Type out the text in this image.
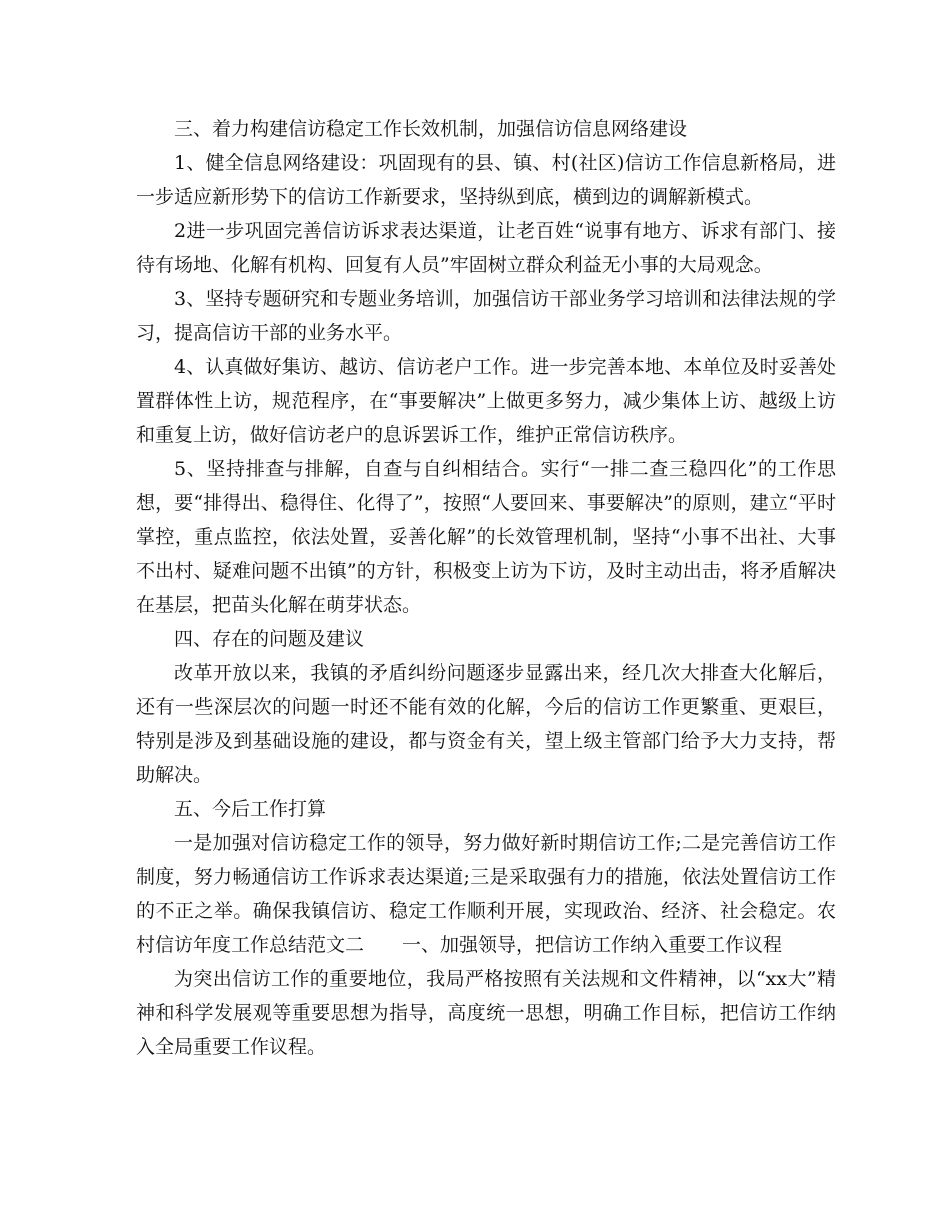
三、着力构建信访稳定工作长效机制，加强信访信息网络建设

1、健全信息网络建设：巩固现有的县、镇、村(社区)信访工作信息新格局，进一步适应新形势下的信访工作新要求，坚持纵到底，横到边的调解新模式。

2进一步巩固完善信访诉求表达渠道，让老百姓“说事有地方、诉求有部门、接待有场地、化解有机构、回复有人员”牢固树立群众利益无小事的大局观念。

3、坚持专题研究和专题业务培训，加强信访干部业务学习培训和法律法规的学习，提高信访干部的业务水平。

4、认真做好集访、越访、信访老户工作。进一步完善本地、本单位及时妥善处置群体性上访，规范程序，在“事要解决”上做更多努力，减少集体上访、越级上访和重复上访，做好信访老户的息诉罢诉工作，维护正常信访秩序。

5、坚持排查与排解，自查与自纠相结合。实行“一排二查三稳四化”的工作思想，要“排得出、稳得住、化得了”，按照“人要回来、事要解决”的原则，建立“平时掌控，重点监控，依法处置，妥善化解”的长效管理机制，坚持“小事不出社、大事不出村、疑难问题不出镇”的方针，积极变上访为下访，及时主动出击，将矛盾解决在基层，把苗头化解在萌芽状态。

四、存在的问题及建议

改革开放以来，我镇的矛盾纠纷问题逐步显露出来，经几次大排查大化解后，还有一些深层次的问题一时还不能有效的化解，今后的信访工作更繁重、更艰巨，特别是涉及到基础设施的建设，都与资金有关，望上级主管部门给予大力支持，帮助解决。

五、今后工作打算

一是加强对信访稳定工作的领导，努力做好新时期信访工作;二是完善信访工作制度，努力畅通信访工作诉求表达渠道;三是采取强有力的措施，依法处置信访工作的不正之举。确保我镇信访、稳定工作顺利开展，实现政治、经济、社会稳定。农村信访年度工作总结范文二　　一、加强领导，把信访工作纳入重要工作议程

为突出信访工作的重要地位，我局严格按照有关法规和文件精神，以“xx大”精神和科学发展观等重要思想为指导，高度统一思想，明确工作目标，把信访工作纳入全局重要工作议程。
